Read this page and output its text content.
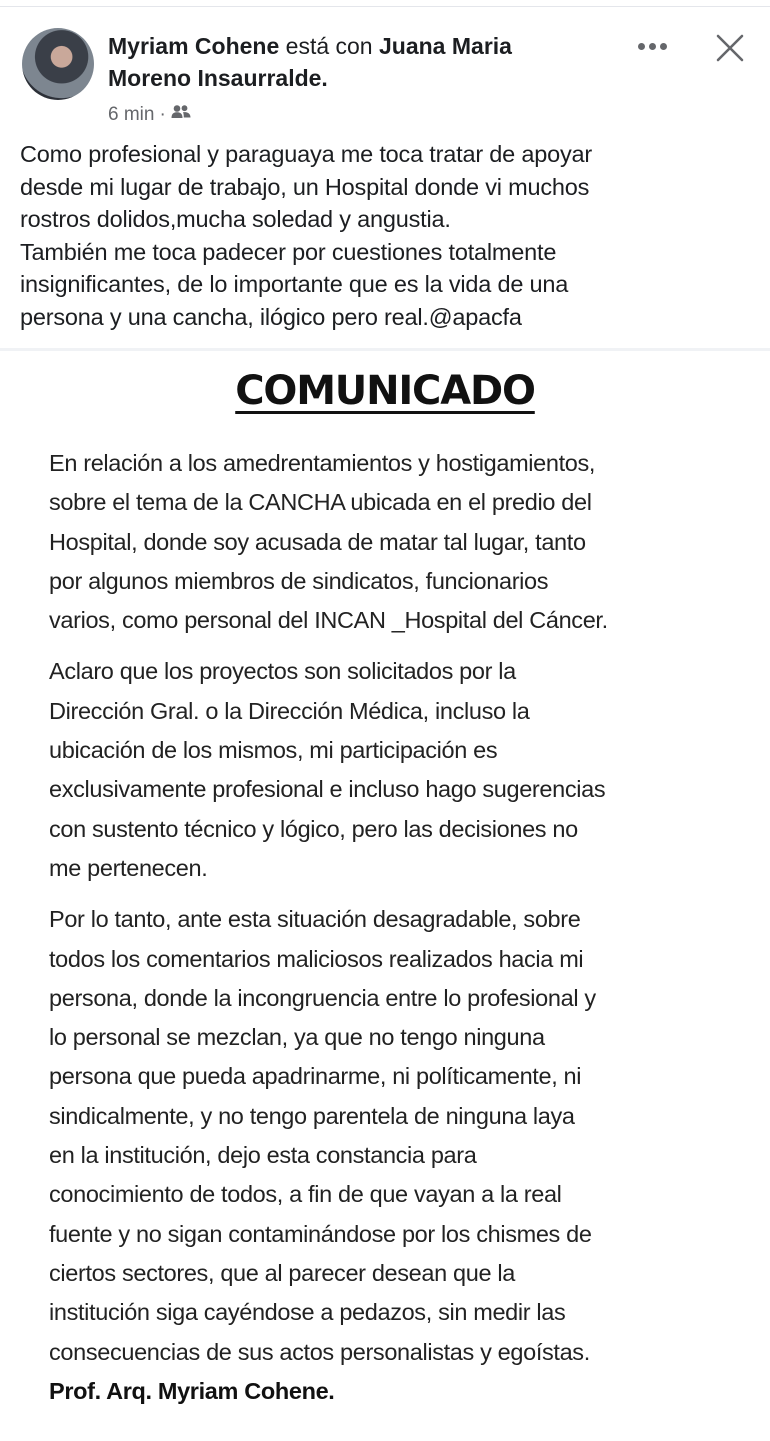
Myriam Cohene está con Juana Maria
Moreno Insaurralde.
6 min ·

Como profesional y paraguaya me toca tratar de apoyar

desde mi lugar de trabajo, un Hospital donde vi muchos

rostros dolidos,mucha soledad y angustia.

También me toca padecer por cuestiones totalmente

insignificantes, de lo importante que es la vida de una

persona y una cancha, ilógico pero real.@apacfa

COMUNICADO
En relación a los amedrentamientos y hostigamientos,
sobre el tema de la CANCHA ubicada en el predio del
Hospital, donde soy acusada de matar tal lugar, tanto
por algunos miembros de sindicatos, funcionarios
varios, como personal del INCAN _Hospital del Cáncer.
Aclaro que los proyectos son solicitados por la
Dirección Gral. o la Dirección Médica, incluso la
ubicación de los mismos, mi participación es
exclusivamente profesional e incluso hago sugerencias
con sustento técnico y lógico, pero las decisiones no
me pertenecen.
Por lo tanto, ante esta situación desagradable, sobre
todos los comentarios maliciosos realizados hacia mi
persona, donde la incongruencia entre lo profesional y
lo personal se mezclan, ya que no tengo ninguna
persona que pueda apadrinarme, ni políticamente, ni
sindicalmente, y no tengo parentela de ninguna laya
en la institución, dejo esta constancia para
conocimiento de todos, a fin de que vayan a la real
fuente y no sigan contaminándose por los chismes de
ciertos sectores, que al parecer desean que la
institución siga cayéndose a pedazos, sin medir las
consecuencias de sus actos personalistas y egoístas.
Prof. Arq. Myriam Cohene.
